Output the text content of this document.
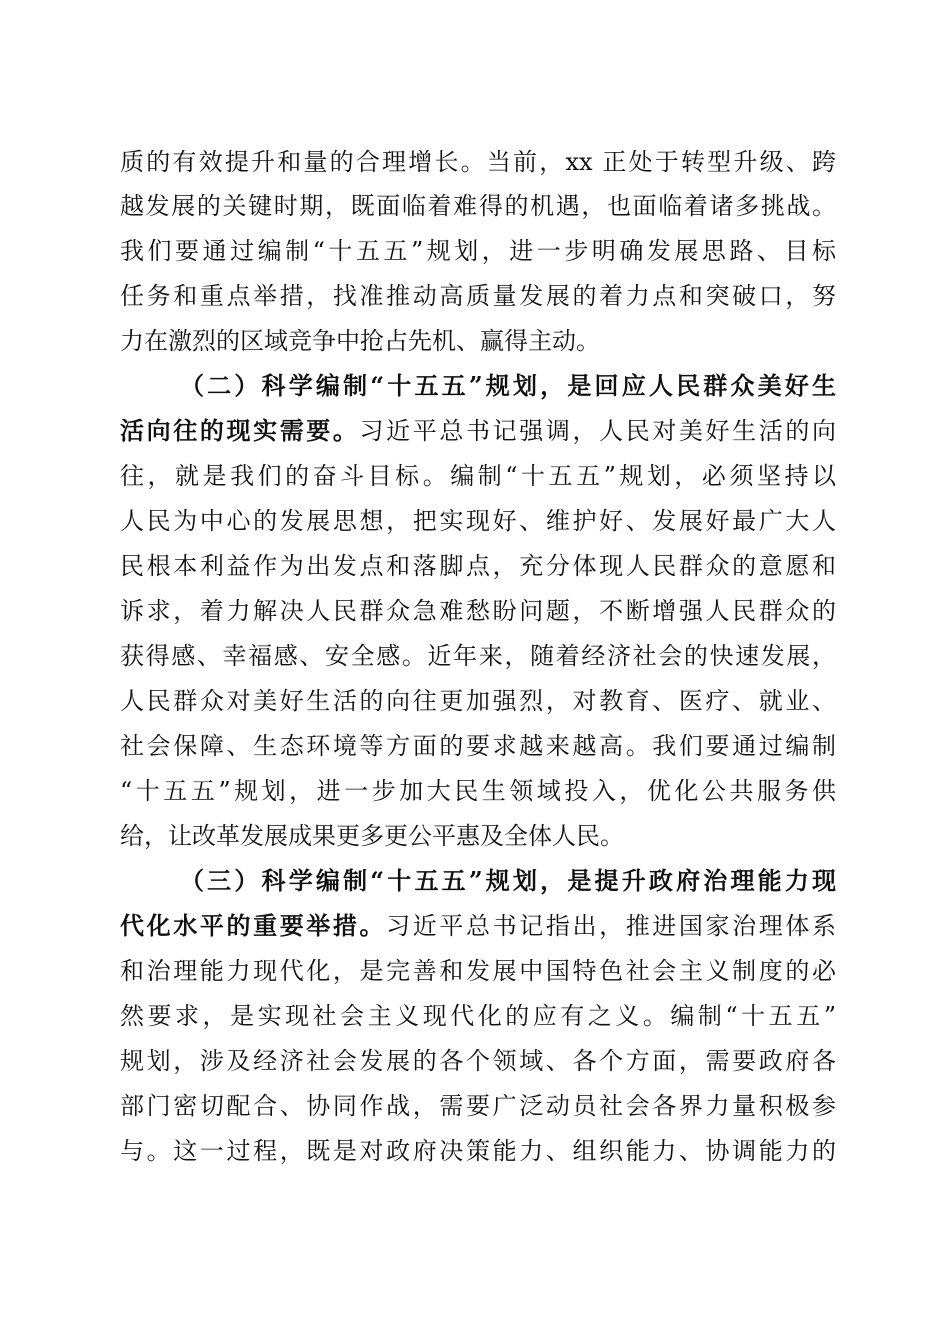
质的有效提升和量的合理增长。当前，xx 正处于转型升级、跨
越发展的关键时期，既面临着难得的机遇，也面临着诸多挑战。
我们要通过编制“十五五”规划，进一步明确发展思路、目标
任务和重点举措，找准推动高质量发展的着力点和突破口，努
力在激烈的区域竞争中抢占先机、赢得主动。
（二）科学编制“十五五”规划，是回应人民群众美好生
活向往的现实需要。习近平总书记强调，人民对美好生活的向
往，就是我们的奋斗目标。编制“十五五”规划，必须坚持以
人民为中心的发展思想，把实现好、维护好、发展好最广大人
民根本利益作为出发点和落脚点，充分体现人民群众的意愿和
诉求，着力解决人民群众急难愁盼问题，不断增强人民群众的
获得感、幸福感、安全感。近年来，随着经济社会的快速发展，
人民群众对美好生活的向往更加强烈，对教育、医疗、就业、
社会保障、生态环境等方面的要求越来越高。我们要通过编制
“十五五”规划，进一步加大民生领域投入，优化公共服务供
给，让改革发展成果更多更公平惠及全体人民。
（三）科学编制“十五五”规划，是提升政府治理能力现
代化水平的重要举措。习近平总书记指出，推进国家治理体系
和治理能力现代化，是完善和发展中国特色社会主义制度的必
然要求，是实现社会主义现代化的应有之义。编制“十五五”
规划，涉及经济社会发展的各个领域、各个方面，需要政府各
部门密切配合、协同作战，需要广泛动员社会各界力量积极参
与。这一过程，既是对政府决策能力、组织能力、协调能力的
